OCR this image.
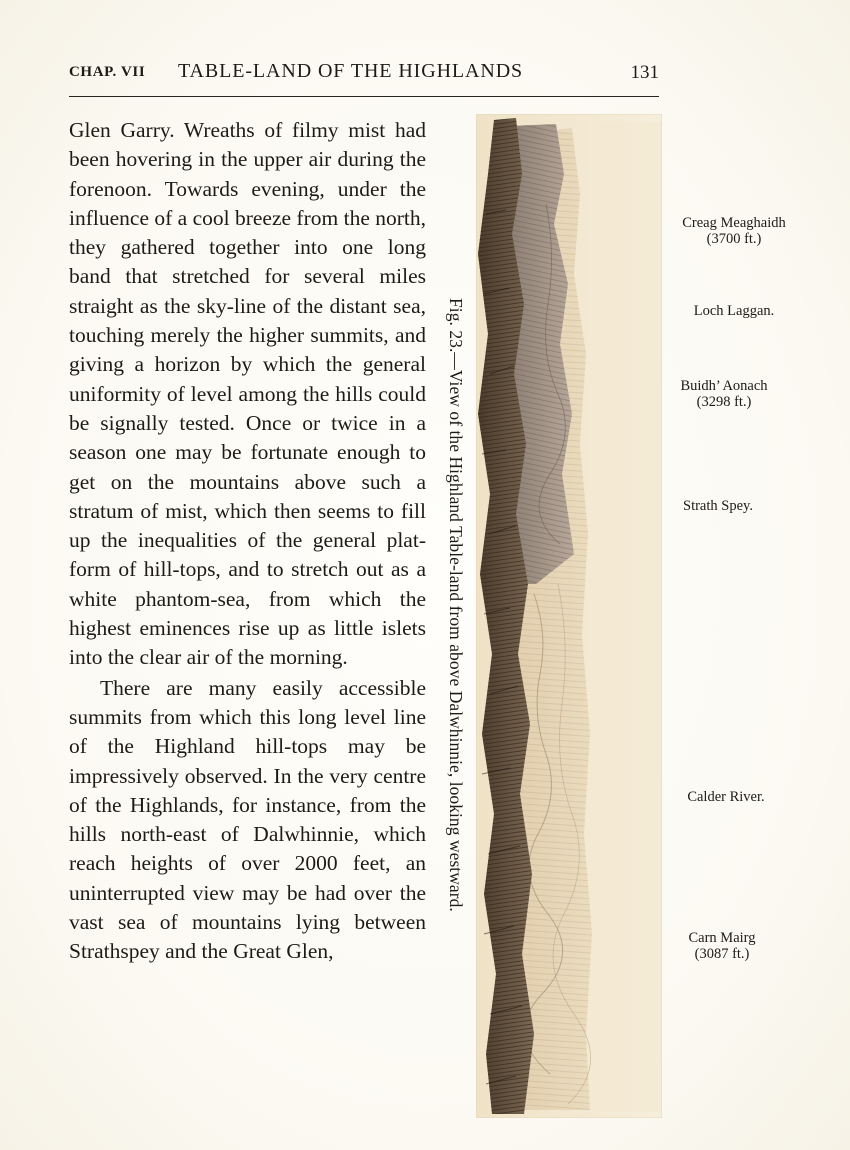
CHAP. VII TABLE-LAND OF THE HIGHLANDS	131

Glen Garry. Wreaths of filmy mist had been hovering in the upper air during the forenoon. Towards evening, under the influence of a cool breeze from the north, they gathered together into one long band that stretched for several miles straight as the sky-line of the distant sea, touching merely the higher summits, and giving a horizon by which the general uniformity of level among the hills could be signally tested. Once or twice in a season one may be fortunate enough to get on the mountains above such a stratum of mist, which then seems to fill up the inequalities of the general platform of hill-tops, and to stretch out as a white phantom-sea, from which the highest eminences rise up as little islets into the clear air of the morning.

There are many easily accessible summits from which this long level line of the Highland hill-tops may be impressively observed. In the very centre of the Highlands, for instance, from the hills north-east of Dalwhinnie, which reach heights of over 2000 feet, an uninterrupted view may be had over the vast sea of mountains lying between Strathspey and the Great Glen,

Fig. 23.—View of the Highland Table-land from above Dalwhinnie, looking westward.
Creag Meaghaidh
(3700 ft.)
Loch Laggan.
Buidh’ Aonach
(3298 ft.)
Strath Spey.
Calder River.
Carn Mairg
(3087 ft.)
